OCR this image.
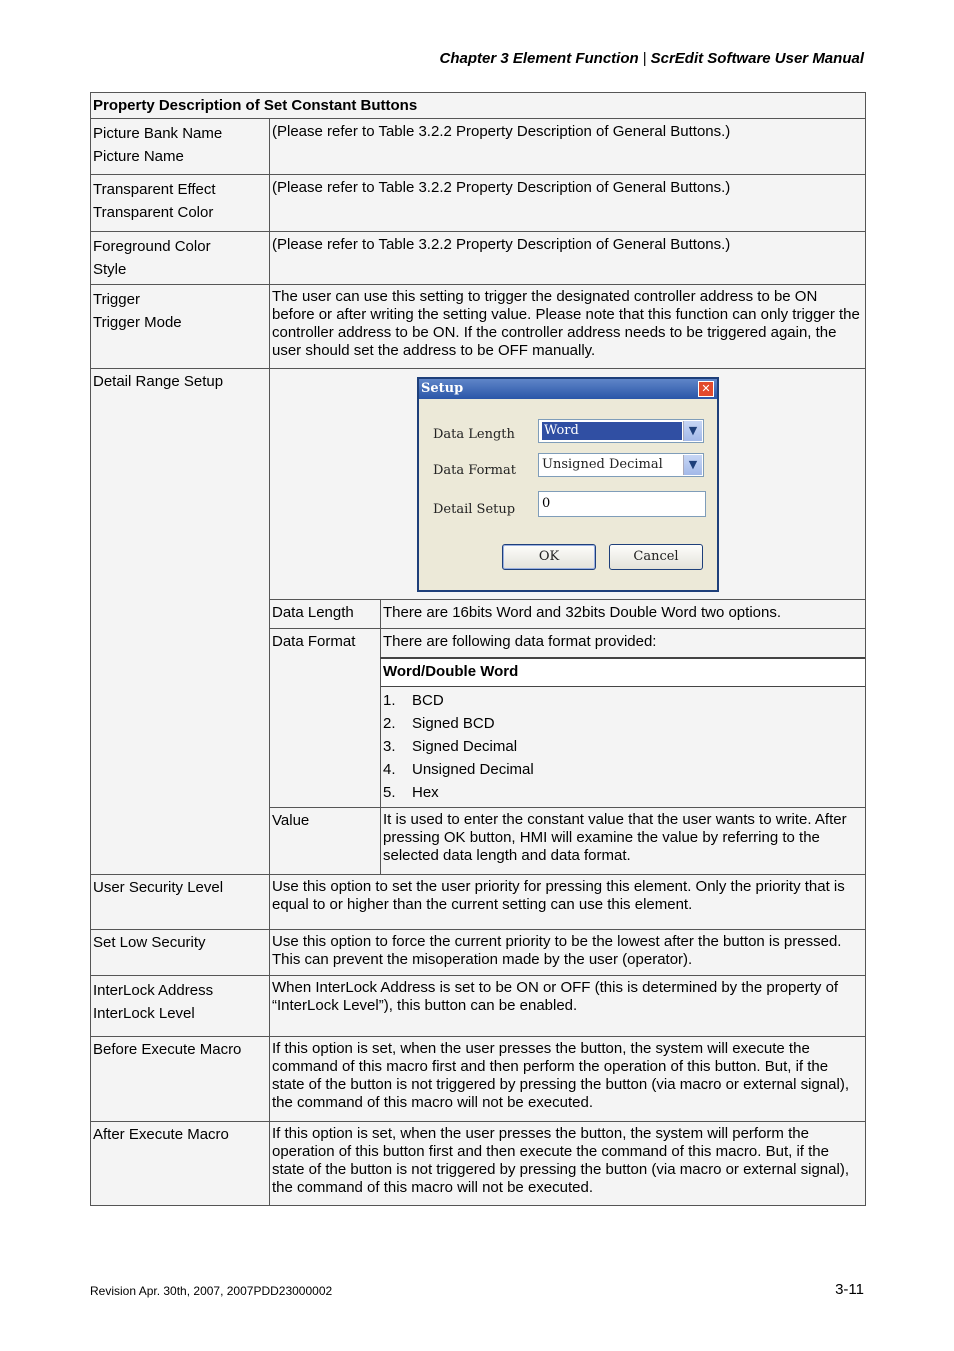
Chapter 3 Element Function | ScrEdit Software User Manual
Property Description of Set Constant Buttons

Picture Bank Name
Picture Name
	(Please refer to Table 3.2.2 Property Description of General Buttons.)

Transparent Effect
Transparent Color
	(Please refer to Table 3.2.2 Property Description of General Buttons.)

Foreground Color
Style
	(Please refer to Table 3.2.2 Property Description of General Buttons.)

Trigger
Trigger Mode
	The user can use this setting to trigger the designated controller address to be ON before or after writing the setting value. Please note that this function can only trigger the controller address to be ON. If the controller address needs to be triggered again, the user should set the address to be OFF manually.
Detail Range Setup		Setup	✕
Data Length	Word	▼
Data Format	Unsigned Decimal	▼
Detail Setup	0
OK	Cancel

Data Length	There are 16bits Word and 32bits Double Word two options.
Data Format	There are following data format provided:
Word/Double Word

1. BCD
2. Signed BCD
3. Signed Decimal
4. Unsigned Decimal
5. Hex

Value	It is used to enter the constant value that the user wants to write. After pressing OK button, HMI will examine the value by referring to the selected data length and data format.

User Security Level	Use this option to set the user priority for pressing this element. Only the priority that is equal to or higher than the current setting can use this element.
Set Low Security	Use this option to force the current priority to be the lowest after the button is pressed. This can prevent the misoperation made by the user (operator).

InterLock Address
InterLock Level
	When InterLock Address is set to be ON or OFF (this is determined by the property of “InterLock Level”), this button can be enabled.
Before Execute Macro	If this option is set, when the user presses the button, the system will execute the command of this macro first and then perform the operation of this button. But, if the state of the button is not triggered by pressing the button (via macro or external signal), the command of this macro will not be executed.
After Execute Macro	If this option is set, when the user presses the button, the system will perform the operation of this button first and then execute the command of this macro. But, if the state of the button is not triggered by pressing the button (via macro or external signal), the command of this macro will not be executed.
Revision Apr. 30th, 2007, 2007PDD23000002	3-11
